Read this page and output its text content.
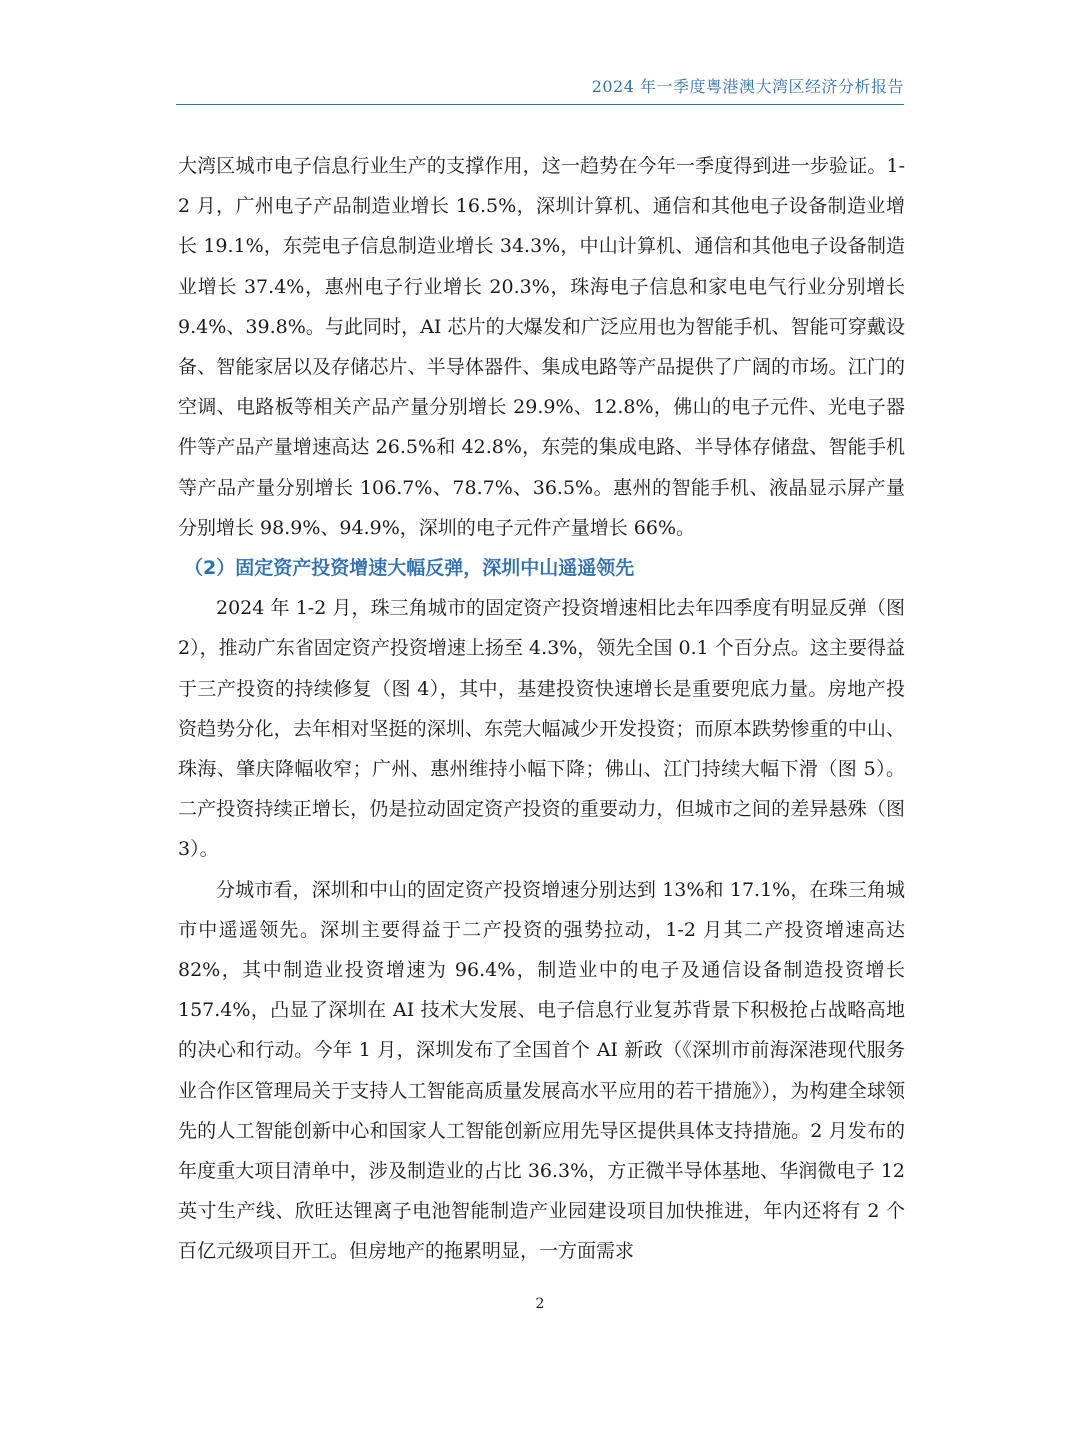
2024 年一季度粤港澳大湾区经济分析报告

大湾区城市电子信息行业生产的支撑作用，这一趋势在今年一季度得到进一步验证。1-2 月，广州电子产品制造业增长 16.5%，深圳计算机、通信和其他电子设备制造业增长 19.1%，东莞电子信息制造业增长 34.3%，中山计算机、通信和其他电子设备制造业增长 37.4%，惠州电子行业增长 20.3%，珠海电子信息和家电电气行业分别增长 9.4%、39.8%。与此同时，AI 芯片的大爆发和广泛应用也为智能手机、智能可穿戴设备、智能家居以及存储芯片、半导体器件、集成电路等产品提供了广阔的市场。江门的空调、电路板等相关产品产量分别增长 29.9%、12.8%，佛山的电子元件、光电子器件等产品产量增速高达 26.5%和 42.8%，东莞的集成电路、半导体存储盘、智能手机等产品产量分别增长 106.7%、78.7%、36.5%。惠州的智能手机、液晶显示屏产量分别增长 98.9%、94.9%，深圳的电子元件产量增长 66%。

（2）固定资产投资增速大幅反弹，深圳中山遥遥领先

2024 年 1-2 月，珠三角城市的固定资产投资增速相比去年四季度有明显反弹（图 2），推动广东省固定资产投资增速上扬至 4.3%，领先全国 0.1 个百分点。这主要得益于三产投资的持续修复（图 4），其中，基建投资快速增长是重要兜底力量。房地产投资趋势分化，去年相对坚挺的深圳、东莞大幅减少开发投资；而原本跌势惨重的中山、珠海、肇庆降幅收窄；广州、惠州维持小幅下降；佛山、江门持续大幅下滑（图 5）。二产投资持续正增长，仍是拉动固定资产投资的重要动力，但城市之间的差异悬殊（图 3）。

分城市看，深圳和中山的固定资产投资增速分别达到 13%和 17.1%，在珠三角城市中遥遥领先。深圳主要得益于二产投资的强势拉动，1-2 月其二产投资增速高达 82%，其中制造业投资增速为 96.4%，制造业中的电子及通信设备制造投资增长 157.4%，凸显了深圳在 AI 技术大发展、电子信息行业复苏背景下积极抢占战略高地的决心和行动。今年 1 月，深圳发布了全国首个 AI 新政（《深圳市前海深港现代服务业合作区管理局关于支持人工智能高质量发展高水平应用的若干措施》），为构建全球领先的人工智能创新中心和国家人工智能创新应用先导区提供具体支持措施。2 月发布的年度重大项目清单中，涉及制造业的占比 36.3%，方正微半导体基地、华润微电子 12 英寸生产线、欣旺达锂离子电池智能制造产业园建设项目加快推进，年内还将有 2 个百亿元级项目开工。但房地产的拖累明显，一方面需求

2
